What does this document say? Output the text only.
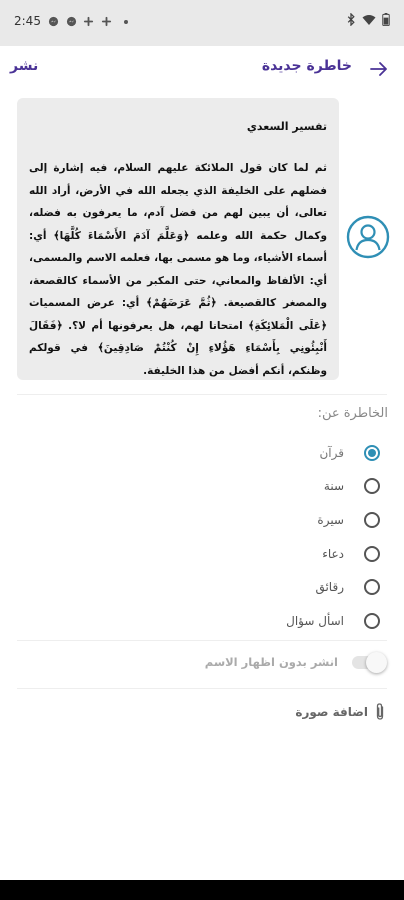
2:45

نشر	خاطرة جديدة
تفسير السعدي
ثم لما كان قول الملائكة عليهم السلام، فيه إشارة إلى فضلهم على الخليفة الذي يجعله الله في الأرض، أراد الله تعالى، أن يبين لهم من فضل آدم، ما يعرفون به فضله، وكمال حكمة الله وعلمه ﴿وَعَلَّمَ آدَمَ الأَسْمَاءَ كُلَّهَا﴾ أي: أسماء الأشياء، وما هو مسمى بها، فعلمه الاسم والمسمى، أي: الألفاظ والمعاني، حتى المكبر من الأسماء كالقصعة، والمصغر كالقصيعة. ﴿ثُمَّ عَرَضَهُمْ﴾ أي: عرض المسميات ﴿عَلَى الْمَلائِكَةِ﴾ امتحانا لهم، هل يعرفونها أم لا؟. ﴿فَقَالَ أَنْبِئُونِي بِأَسْمَاءِ هَؤُلاءِ إِنْ كُنْتُمْ صَادِقِينَ﴾ في قولكم وظنكم، أنكم أفضل من هذا الخليفة.
الخاطرة عن:
قرآن
سنة
سيرة
دعاء
رقائق
اسأل سؤال
انشر بدون اظهار الاسم
اضافة صورة
